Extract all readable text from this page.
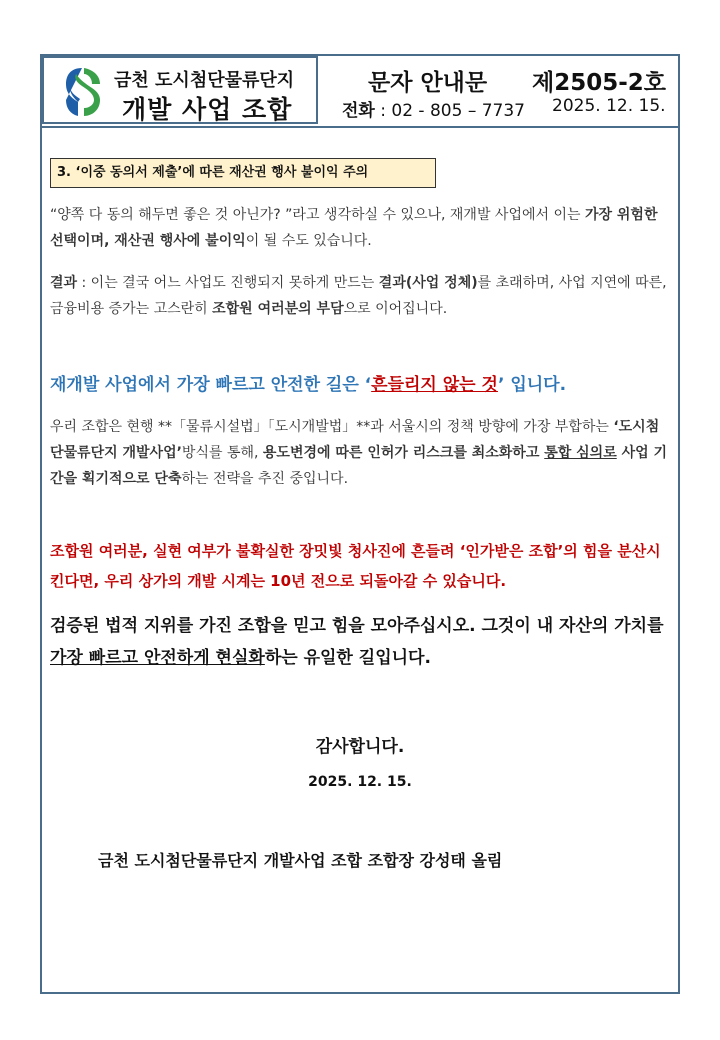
금천 도시첨단물류단지
개발 사업 조합
문자 안내문 제2505-2호
전화 : 02 - 805 – 7737 2025. 12. 15.
3. ‘이중 동의서 제출’에 따른 재산권 행사 불이익 주의
“양쪽 다 동의 해두면 좋은 것 아닌가? ”라고 생각하실 수 있으나, 재개발 사업에서 이는 가장 위험한 선택이며, 재산권 행사에 불이익이 될 수도 있습니다.
결과 : 이는 결국 어느 사업도 진행되지 못하게 만드는 결과(사업 정체)를 초래하며, 사업 지연에 따른, 금융비용 증가는 고스란히 조합원 여러분의 부담으로 이어집니다.
재개발 사업에서 가장 빠르고 안전한 길은 ‘흔들리지 않는 것’ 입니다.
우리 조합은 현행 **「물류시설법」「도시개발법」**과 서울시의 정책 방향에 가장 부합하는 ‘도시첨단물류단지 개발사업’방식를 통해, 용도변경에 따른 인허가 리스크를 최소화하고 통합 심의로 사업 기간을 획기적으로 단축하는 전략을 추진 중입니다.
조합원 여러분, 실현 여부가 불확실한 장밋빛 청사진에 흔들려 ‘인가받은 조합’의 힘을 분산시킨다면, 우리 상가의 개발 시계는 10년 전으로 되돌아갈 수 있습니다.
검증된 법적 지위를 가진 조합을 믿고 힘을 모아주십시오. 그것이 내 자산의 가치를 가장 빠르고 안전하게 현실화하는 유일한 길입니다.
감사합니다.
2025. 12. 15.
금천 도시첨단물류단지 개발사업 조합 조합장 강성태 올림
